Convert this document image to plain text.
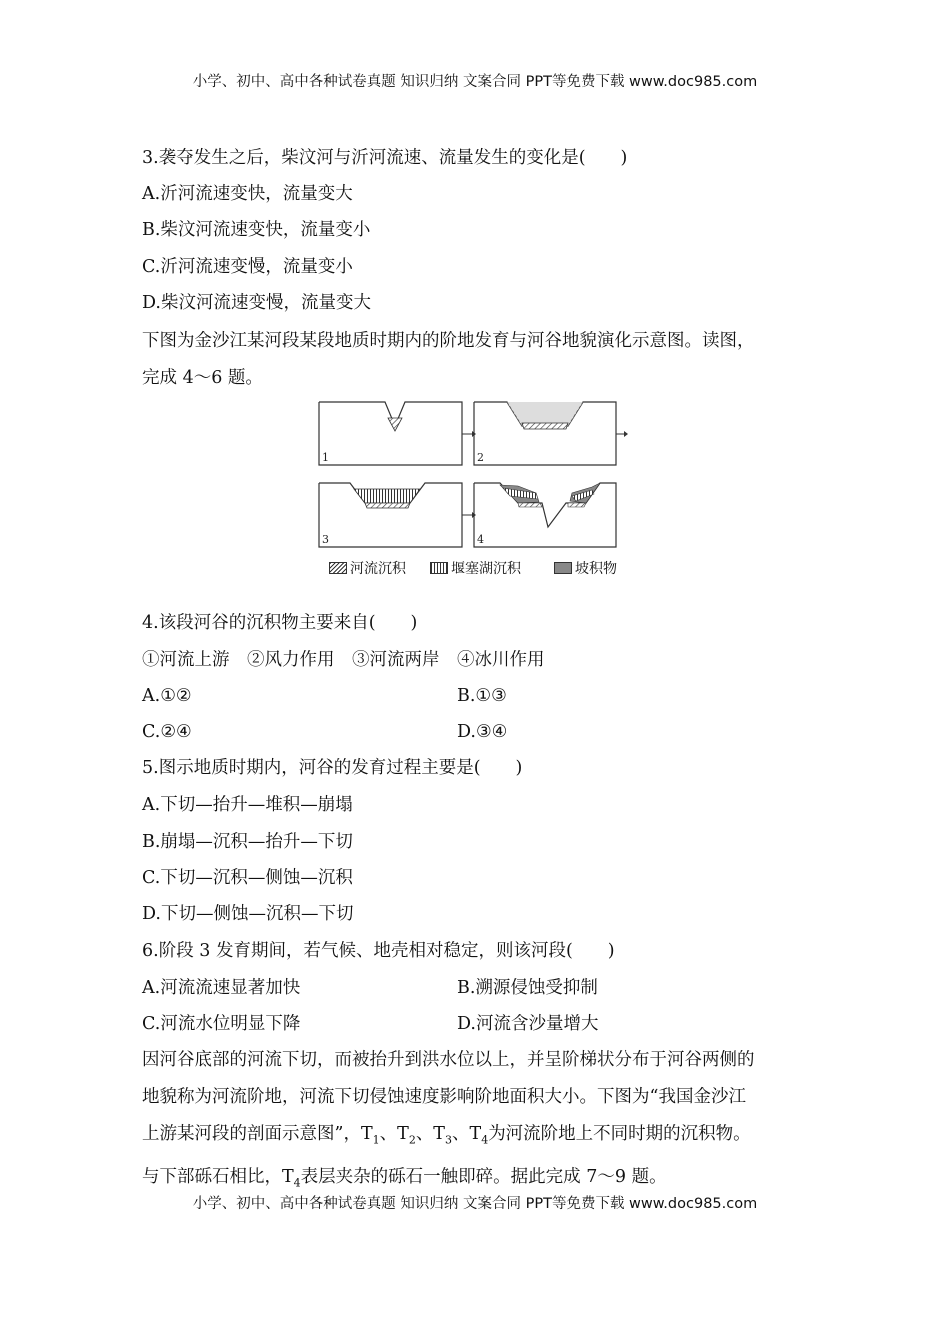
小学、初中、高中各种试卷真题 知识归纳 文案合同 PPT等免费下载 www.doc985.com
3.袭夺发生之后，柴汶河与沂河流速、流量发生的变化是(　　)
A.沂河流速变快，流量变大
B.柴汶河流速变快，流量变小
C.沂河流速变慢，流量变小
D.柴汶河流速变慢，流量变大
下图为金沙江某河段某段地质时期内的阶地发育与河谷地貌演化示意图。读图，
完成 4～6 题。
1	2
3	4
河流沉积	堰塞湖沉积	坡积物
4.该段河谷的沉积物主要来自(　　)
①河流上游　②风力作用　③河流两岸　④冰川作用
A.①②	B.①③
C.②④	D.③④
5.图示地质时期内，河谷的发育过程主要是(　　)
A.下切—抬升—堆积—崩塌
B.崩塌—沉积—抬升—下切
C.下切—沉积—侧蚀—沉积
D.下切—侧蚀—沉积—下切
6.阶段 3 发育期间，若气候、地壳相对稳定，则该河段(　　)
A.河流流速显著加快	B.溯源侵蚀受抑制
C.河流水位明显下降	D.河流含沙量增大
因河谷底部的河流下切，而被抬升到洪水位以上，并呈阶梯状分布于河谷两侧的
地貌称为河流阶地，河流下切侵蚀速度影响阶地面积大小。下图为“我国金沙江
上游某河段的剖面示意图”，$T_1$、$T_2$、$T_3$、$T_4$为河流阶地上不同时期的沉积物。
与下部砾石相比，$T_4$表层夹杂的砾石一触即碎。据此完成 7～9 题。
小学、初中、高中各种试卷真题 知识归纳 文案合同 PPT等免费下载 www.doc985.com
